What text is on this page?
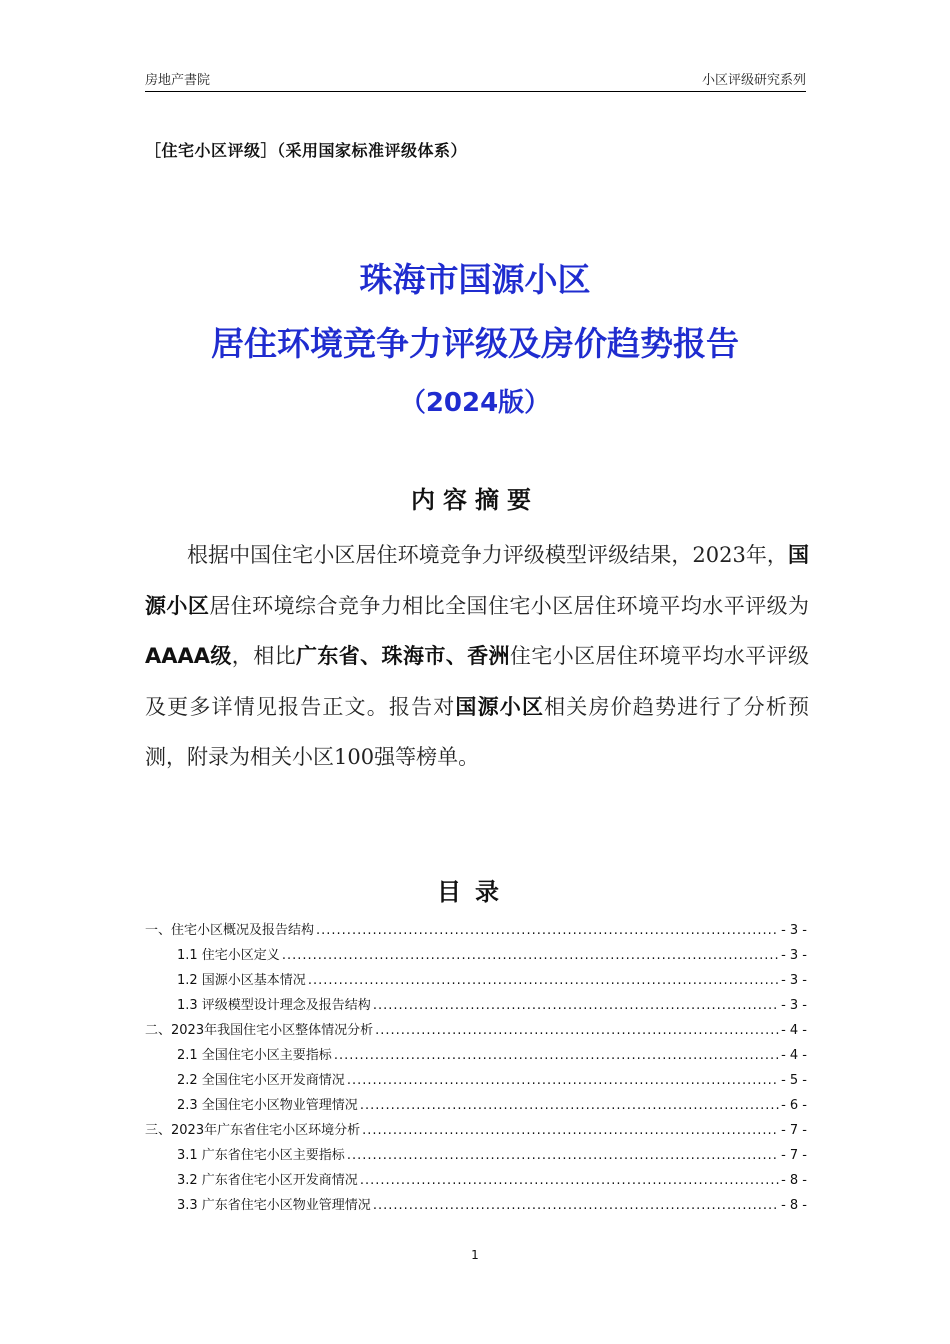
房地产書院	小区评级研究系列
［住宅小区评级］（采用国家标准评级体系）
珠海市国源小区
居住环境竞争力评级及房价趋势报告
（2024版）
内容摘要
根据中国住宅小区居住环境竞争力评级模型评级结果，2023年，国源小区居住环境综合竞争力相比全国住宅小区居住环境平均水平评级为AAAA级，相比广东省、珠海市、香洲住宅小区居住环境平均水平评级及更多详情见报告正文。报告对国源小区相关房价趋势进行了分析预测，附录为相关小区100强等榜单。
目录
一、住宅小区概况及报告结构 .....	- 3 -
1.1 住宅小区定义 .....	- 3 -
1.2 国源小区基本情况 .....	- 3 -
1.3 评级模型设计理念及报告结构 .....	- 3 -
二、2023年我国住宅小区整体情况分析 .....	- 4 -
2.1 全国住宅小区主要指标 .....	- 4 -
2.2 全国住宅小区开发商情况 .....	- 5 -
2.3 全国住宅小区物业管理情况 .....	- 6 -
三、2023年广东省住宅小区环境分析 .....	- 7 -
3.1 广东省住宅小区主要指标 .....	- 7 -
3.2 广东省住宅小区开发商情况 .....	- 8 -
3.3 广东省住宅小区物业管理情况 .....	- 8 -
1
